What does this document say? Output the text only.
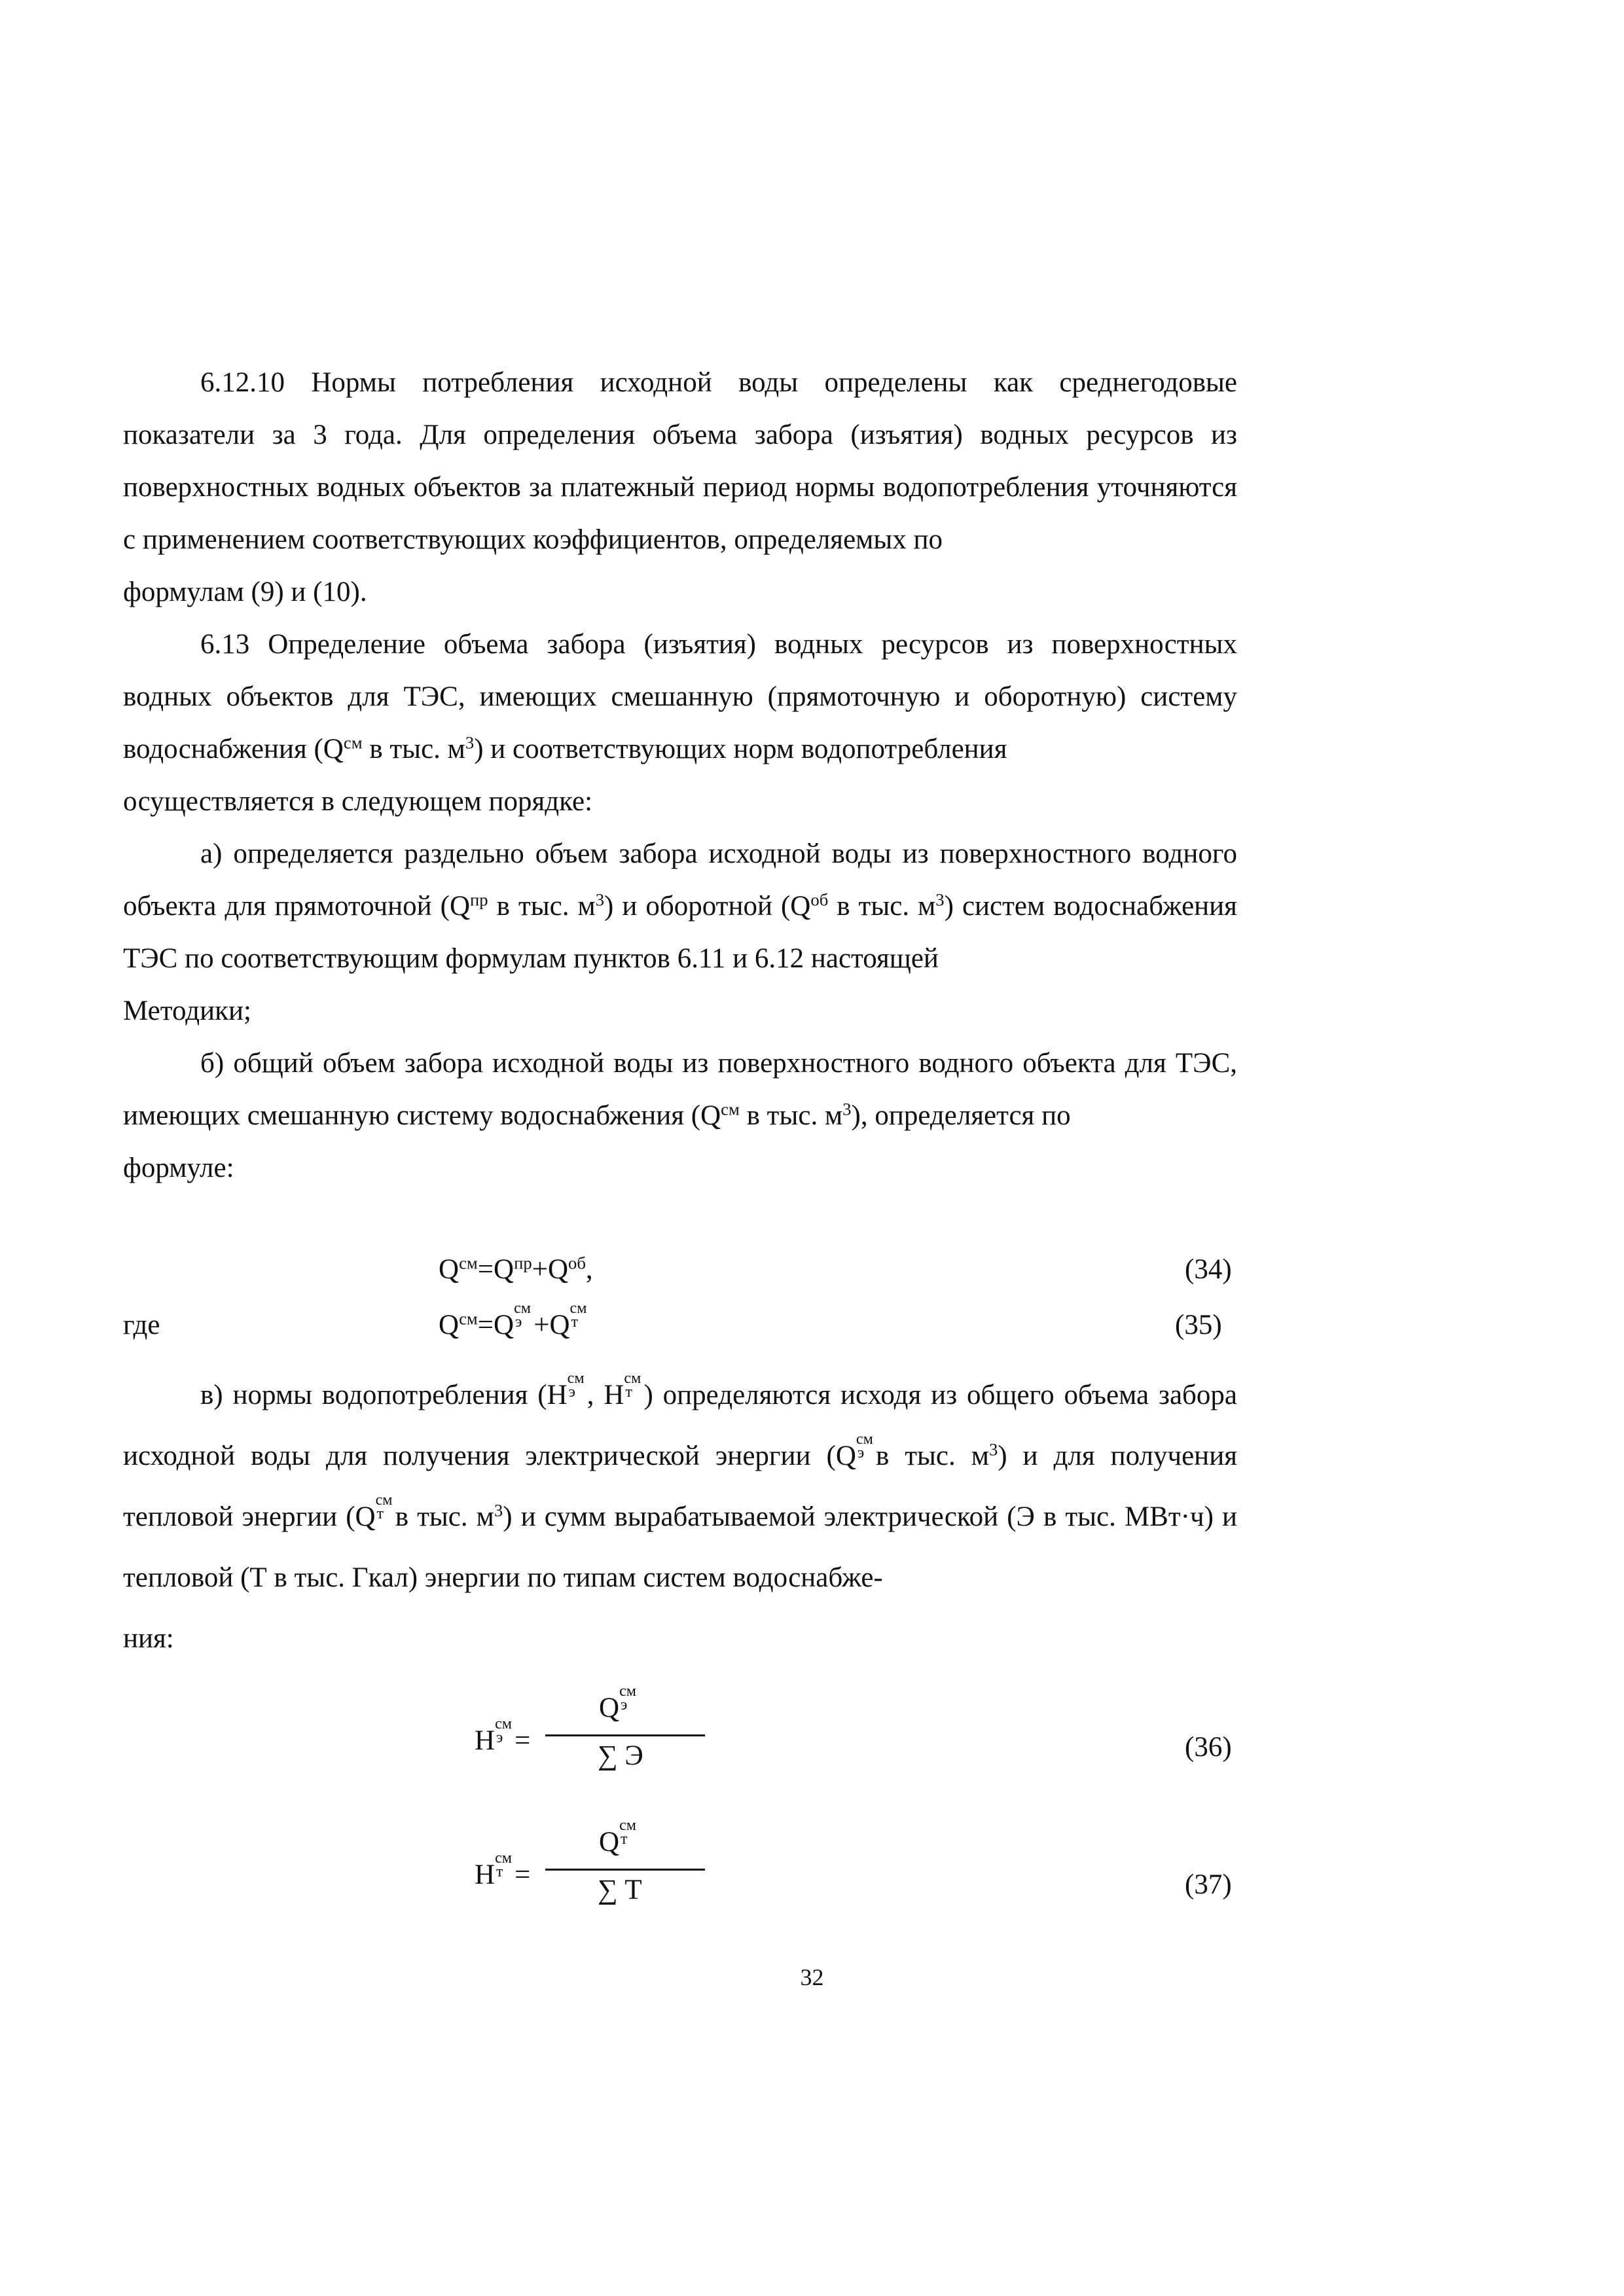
6.12.10 Нормы потребления исходной воды определены как среднегодовые показатели за 3 года. Для определения объема забора (изъятия) водных ресурсов из поверхностных водных объектов за платежный период нормы водопотребления уточняются с применением соответствующих коэффициентов, определяемых по
формулам (9) и (10).

6.13 Определение объема забора (изъятия) водных ресурсов из поверхностных водных объектов для ТЭС, имеющих смешанную (прямоточную и оборотную) систему водоснабжения ($Q^{см}$ в тыс. $м^3$) и соответствующих норм водопотребления
осуществляется в следующем порядке:

а) определяется раздельно объем забора исходной воды из поверхностного водного объекта для прямоточной ($Q^{пр}$ в тыс. $м^3$) и оборотной ($Q^{об}$ в тыс. $м^3$) систем водоснабжения ТЭС по соответствующим формулам пунктов 6.11 и 6.12 настоящей
Методики;

б) общий объем забора исходной воды из поверхностного водного объекта для ТЭС, имеющих смешанную систему водоснабжения ($Q^{см}$ в тыс. $м^3$), определяется по
формуле:

$Q^{см}=Q^{пр}+Q^{об}$,	(34)
где	$Q^{см}=Q$
см
э +Q
см
т	(35)

в) нормы водопотребления (Н
см
э , Н
см
т ) определяются исходя из общего объема забора исходной воды для получения электрической энергии (Q
см
э в тыс. $м^3$) и для получения тепловой энергии (Q
см
т в тыс. $м^3$) и сумм вырабатываемой электрической (Э в тыс. МВт·ч) и тепловой (Т в тыс. Гкал) энергии по типам систем водоснабже-
ния:

Н
см
э =
Q
см
э
∑ Э	(36)
Н
см
т =
Q
см
т
∑ Т	(37)
32
